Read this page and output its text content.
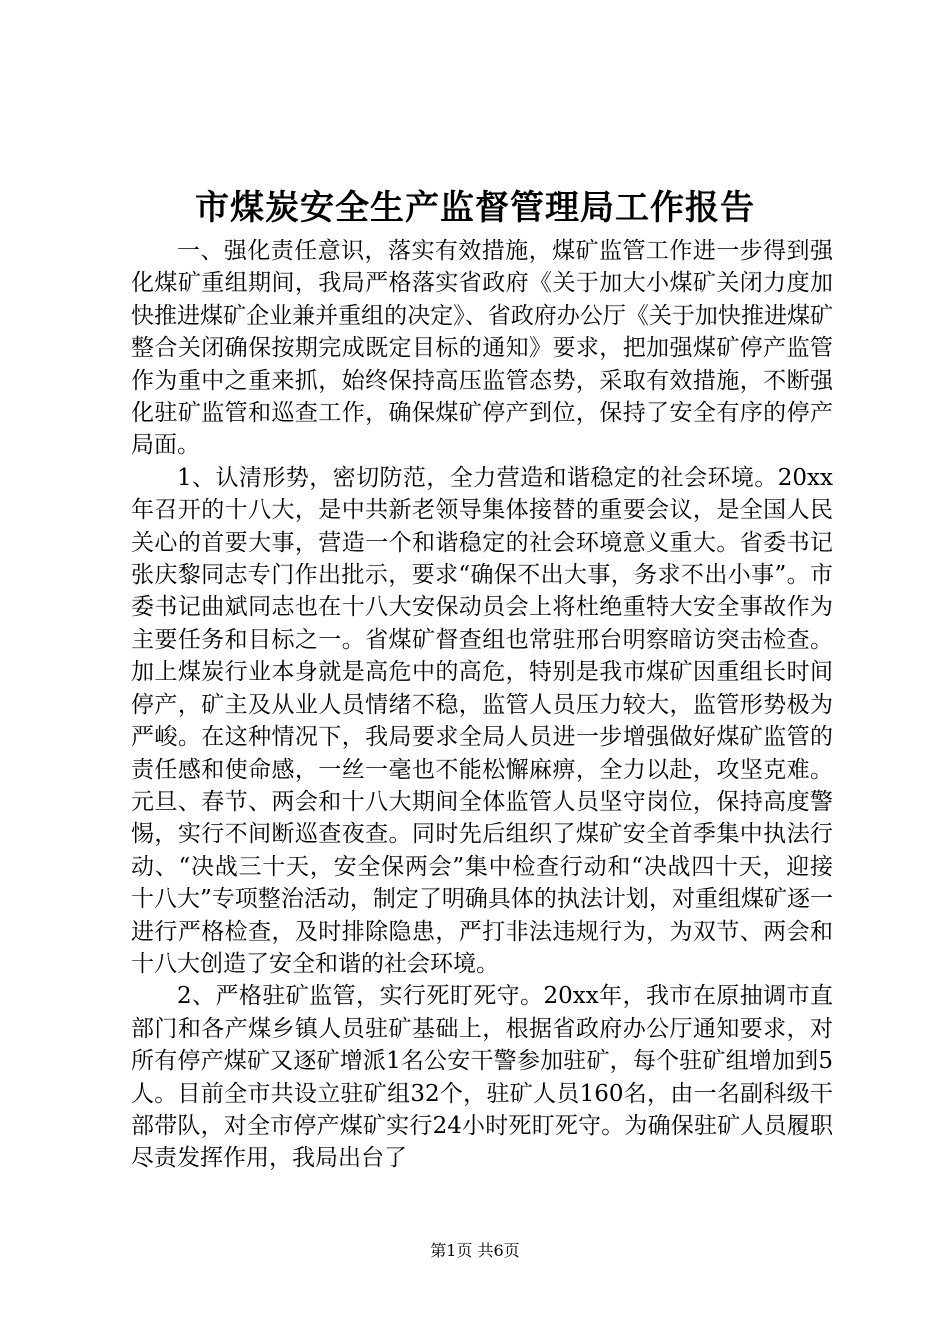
市煤炭安全生产监督管理局工作报告

一、强化责任意识，落实有效措施，煤矿监管工作进一步得到强化煤矿重组期间，我局严格落实省政府《关于加大小煤矿关闭力度加快推进煤矿企业兼并重组的决定》、省政府办公厅《关于加快推进煤矿整合关闭确保按期完成既定目标的通知》要求，把加强煤矿停产监管作为重中之重来抓，始终保持高压监管态势，采取有效措施，不断强化驻矿监管和巡查工作，确保煤矿停产到位，保持了安全有序的停产局面。

1、认清形势，密切防范，全力营造和谐稳定的社会环境。20xx年召开的十八大，是中共新老领导集体接替的重要会议，是全国人民关心的首要大事，营造一个和谐稳定的社会环境意义重大。省委书记张庆黎同志专门作出批示，要求“确保不出大事，务求不出小事”。市委书记曲斌同志也在十八大安保动员会上将杜绝重特大安全事故作为主要任务和目标之一。省煤矿督查组也常驻邢台明察暗访突击检查。加上煤炭行业本身就是高危中的高危，特别是我市煤矿因重组长时间停产，矿主及从业人员情绪不稳，监管人员压力较大，监管形势极为严峻。在这种情况下，我局要求全局人员进一步增强做好煤矿监管的责任感和使命感，一丝一毫也不能松懈麻痹，全力以赴，攻坚克难。元旦、春节、两会和十八大期间全体监管人员坚守岗位，保持高度警惕，实行不间断巡查夜查。同时先后组织了煤矿安全首季集中执法行动、“决战三十天，安全保两会”集中检查行动和“决战四十天，迎接十八大”专项整治活动，制定了明确具体的执法计划，对重组煤矿逐一进行严格检查，及时排除隐患，严打非法违规行为，为双节、两会和十八大创造了安全和谐的社会环境。

2、严格驻矿监管，实行死盯死守。20xx年，我市在原抽调市直部门和各产煤乡镇人员驻矿基础上，根据省政府办公厅通知要求，对所有停产煤矿又逐矿增派1名公安干警参加驻矿，每个驻矿组增加到5人。目前全市共设立驻矿组32个，驻矿人员160名，由一名副科级干部带队，对全市停产煤矿实行24小时死盯死守。为确保驻矿人员履职尽责发挥作用，我局出台了

第1页 共6页
